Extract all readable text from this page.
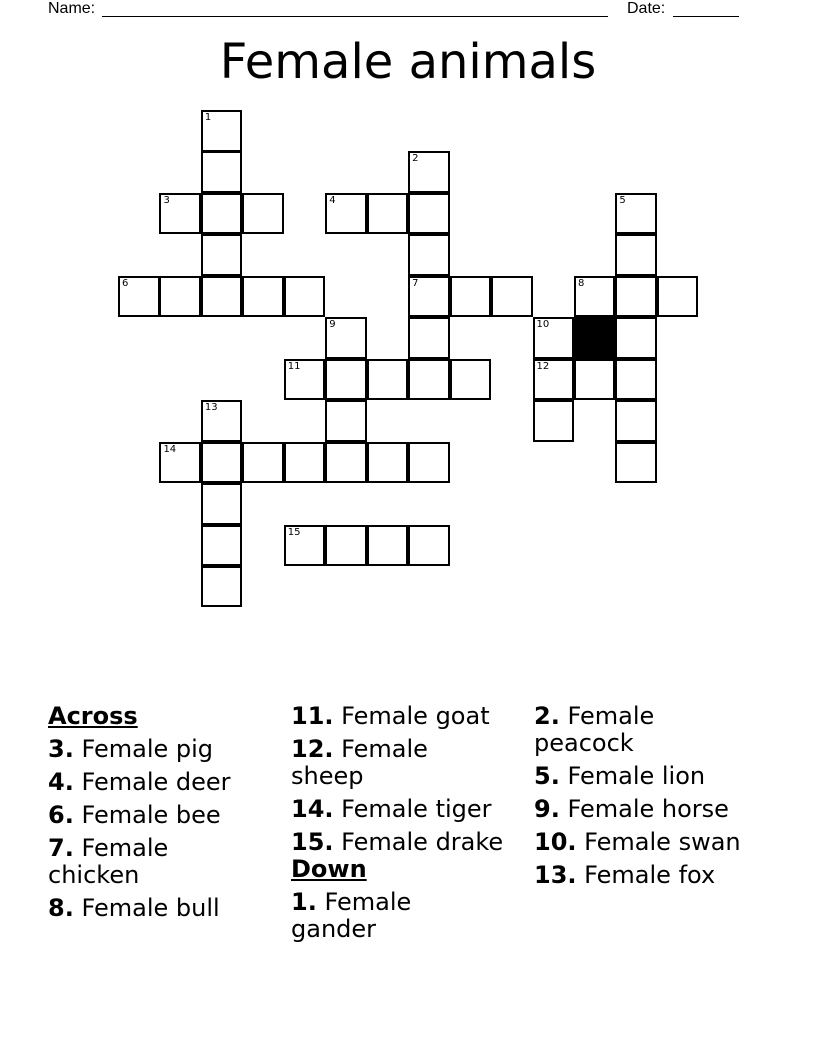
Name:	Date:
Female animals
1
2
3	4	5
6	7	8
9	10
11	12
13
14
15
Across
3. Female pig
4. Female deer
6. Female bee
7. Female chicken
8. Female bull
11. Female goat
12. Female sheep
14. Female tiger
15. Female drake
Down
1. Female gander
2. Female peacock
5. Female lion
9. Female horse
10. Female swan
13. Female fox
